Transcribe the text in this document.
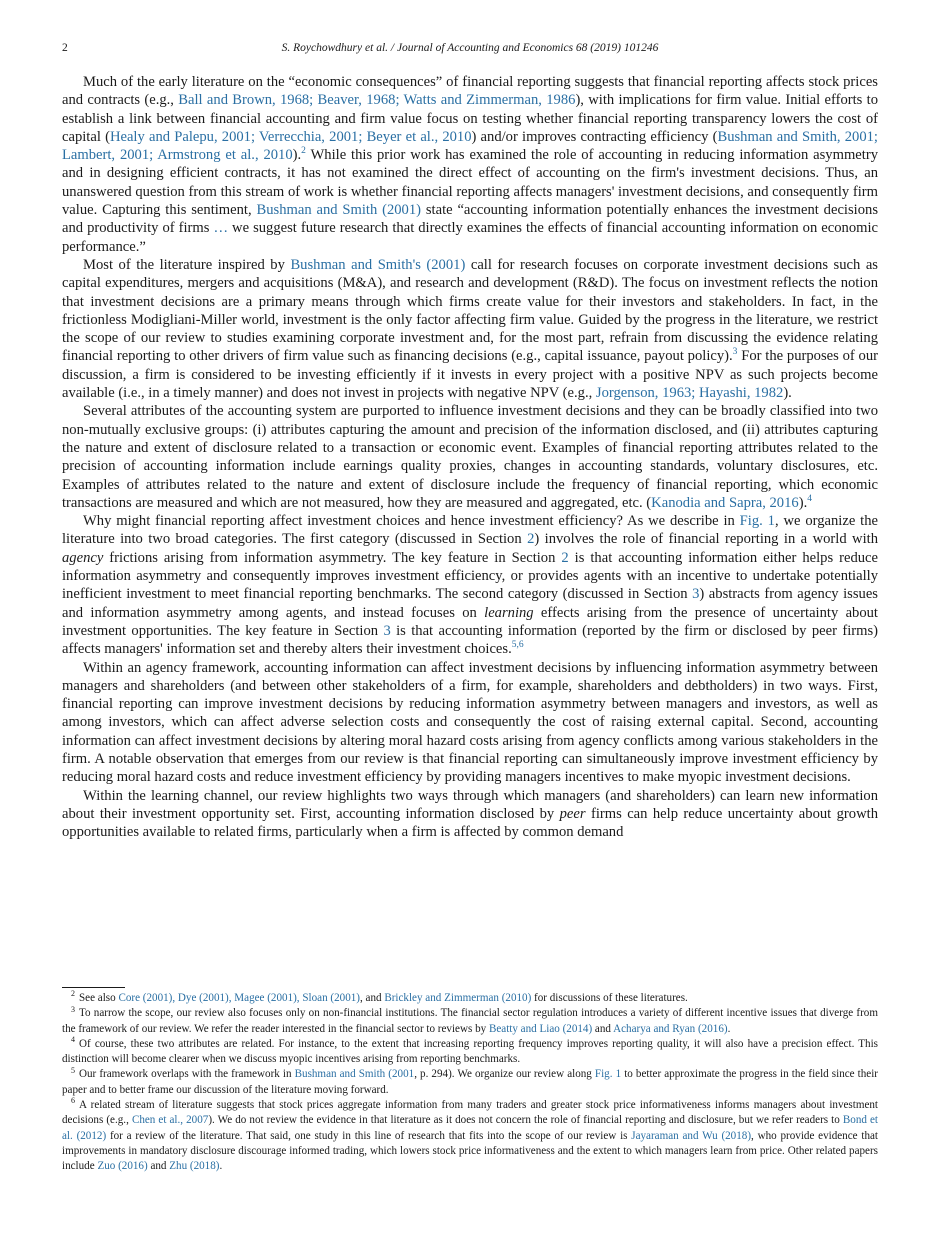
2	S. Roychowdhury et al. / Journal of Accounting and Economics 68 (2019) 101246

Much of the early literature on the “economic consequences” of financial reporting suggests that financial reporting affects stock prices and contracts (e.g., Ball and Brown, 1968; Beaver, 1968; Watts and Zimmerman, 1986), with implications for firm value. Initial efforts to establish a link between financial accounting and firm value focus on testing whether financial reporting transparency lowers the cost of capital (Healy and Palepu, 2001; Verrecchia, 2001; Beyer et al., 2010) and/or improves contracting efficiency (Bushman and Smith, 2001; Lambert, 2001; Armstrong et al., 2010).$^2$ While this prior work has examined the role of accounting in reducing information asymmetry and in designing efficient contracts, it has not examined the direct effect of accounting on the firm's investment decisions. Thus, an unanswered question from this stream of work is whether financial reporting affects managers' investment decisions, and consequently firm value. Capturing this sentiment, Bushman and Smith (2001) state “accounting information potentially enhances the investment decisions and productivity of firms … we suggest future research that directly examines the effects of financial accounting information on economic performance.”

Most of the literature inspired by Bushman and Smith's (2001) call for research focuses on corporate investment decisions such as capital expenditures, mergers and acquisitions (M&A), and research and development (R&D). The focus on investment reflects the notion that investment decisions are a primary means through which firms create value for their investors and stakeholders. In fact, in the frictionless Modigliani-Miller world, investment is the only factor affecting firm value. Guided by the progress in the literature, we restrict the scope of our review to studies examining corporate investment and, for the most part, refrain from discussing the evidence relating financial reporting to other drivers of firm value such as financing decisions (e.g., capital issuance, payout policy).$^3$ For the purposes of our discussion, a firm is considered to be investing efficiently if it invests in every project with a positive NPV as such projects become available (i.e., in a timely manner) and does not invest in projects with negative NPV (e.g., Jorgenson, 1963; Hayashi, 1982).

Several attributes of the accounting system are purported to influence investment decisions and they can be broadly classified into two non-mutually exclusive groups: (i) attributes capturing the amount and precision of the information disclosed, and (ii) attributes capturing the nature and extent of disclosure related to a transaction or economic event. Examples of financial reporting attributes related to the precision of accounting information include earnings quality proxies, changes in accounting standards, voluntary disclosures, etc. Examples of attributes related to the nature and extent of disclosure include the frequency of financial reporting, which economic transactions are measured and which are not measured, how they are measured and aggregated, etc. (Kanodia and Sapra, 2016).$^4$

Why might financial reporting affect investment choices and hence investment efficiency? As we describe in Fig. 1, we organize the literature into two broad categories. The first category (discussed in Section 2) involves the role of financial reporting in a world with agency frictions arising from information asymmetry. The key feature in Section 2 is that accounting information either helps reduce information asymmetry and consequently improves investment efficiency, or provides agents with an incentive to undertake potentially inefficient investment to meet financial reporting benchmarks. The second category (discussed in Section 3) abstracts from agency issues and information asymmetry among agents, and instead focuses on learning effects arising from the presence of uncertainty about investment opportunities. The key feature in Section 3 is that accounting information (reported by the firm or disclosed by peer firms) affects managers' information set and thereby alters their investment choices.$^{5,6}$

Within an agency framework, accounting information can affect investment decisions by influencing information asymmetry between managers and shareholders (and between other stakeholders of a firm, for example, shareholders and debtholders) in two ways. First, financial reporting can improve investment decisions by reducing information asymmetry between managers and investors, as well as among investors, which can affect adverse selection costs and consequently the cost of raising external capital. Second, accounting information can affect investment decisions by altering moral hazard costs arising from agency conflicts among various stakeholders in the firm. A notable observation that emerges from our review is that financial reporting can simultaneously improve investment efficiency by reducing moral hazard costs and reduce investment efficiency by providing managers incentives to make myopic investment decisions.

Within the learning channel, our review highlights two ways through which managers (and shareholders) can learn new information about their investment opportunity set. First, accounting information disclosed by peer firms can help reduce uncertainty about growth opportunities available to related firms, particularly when a firm is affected by common demand

$^2$ See also Core (2001), Dye (2001), Magee (2001), Sloan (2001), and Brickley and Zimmerman (2010) for discussions of these literatures.

$^3$ To narrow the scope, our review also focuses only on non-financial institutions. The financial sector regulation introduces a variety of different incentive issues that diverge from the framework of our review. We refer the reader interested in the financial sector to reviews by Beatty and Liao (2014) and Acharya and Ryan (2016).

$^4$ Of course, these two attributes are related. For instance, to the extent that increasing reporting frequency improves reporting quality, it will also have a precision effect. This distinction will become clearer when we discuss myopic incentives arising from reporting benchmarks.

$^5$ Our framework overlaps with the framework in Bushman and Smith (2001, p. 294). We organize our review along Fig. 1 to better approximate the progress in the field since their paper and to better frame our discussion of the literature moving forward.

$^6$ A related stream of literature suggests that stock prices aggregate information from many traders and greater stock price informativeness informs managers about investment decisions (e.g., Chen et al., 2007). We do not review the evidence in that literature as it does not concern the role of financial reporting and disclosure, but we refer readers to Bond et al. (2012) for a review of the literature. That said, one study in this line of research that fits into the scope of our review is Jayaraman and Wu (2018), who provide evidence that improvements in mandatory disclosure discourage informed trading, which lowers stock price informativeness and the extent to which managers learn from price. Other related papers include Zuo (2016) and Zhu (2018).
